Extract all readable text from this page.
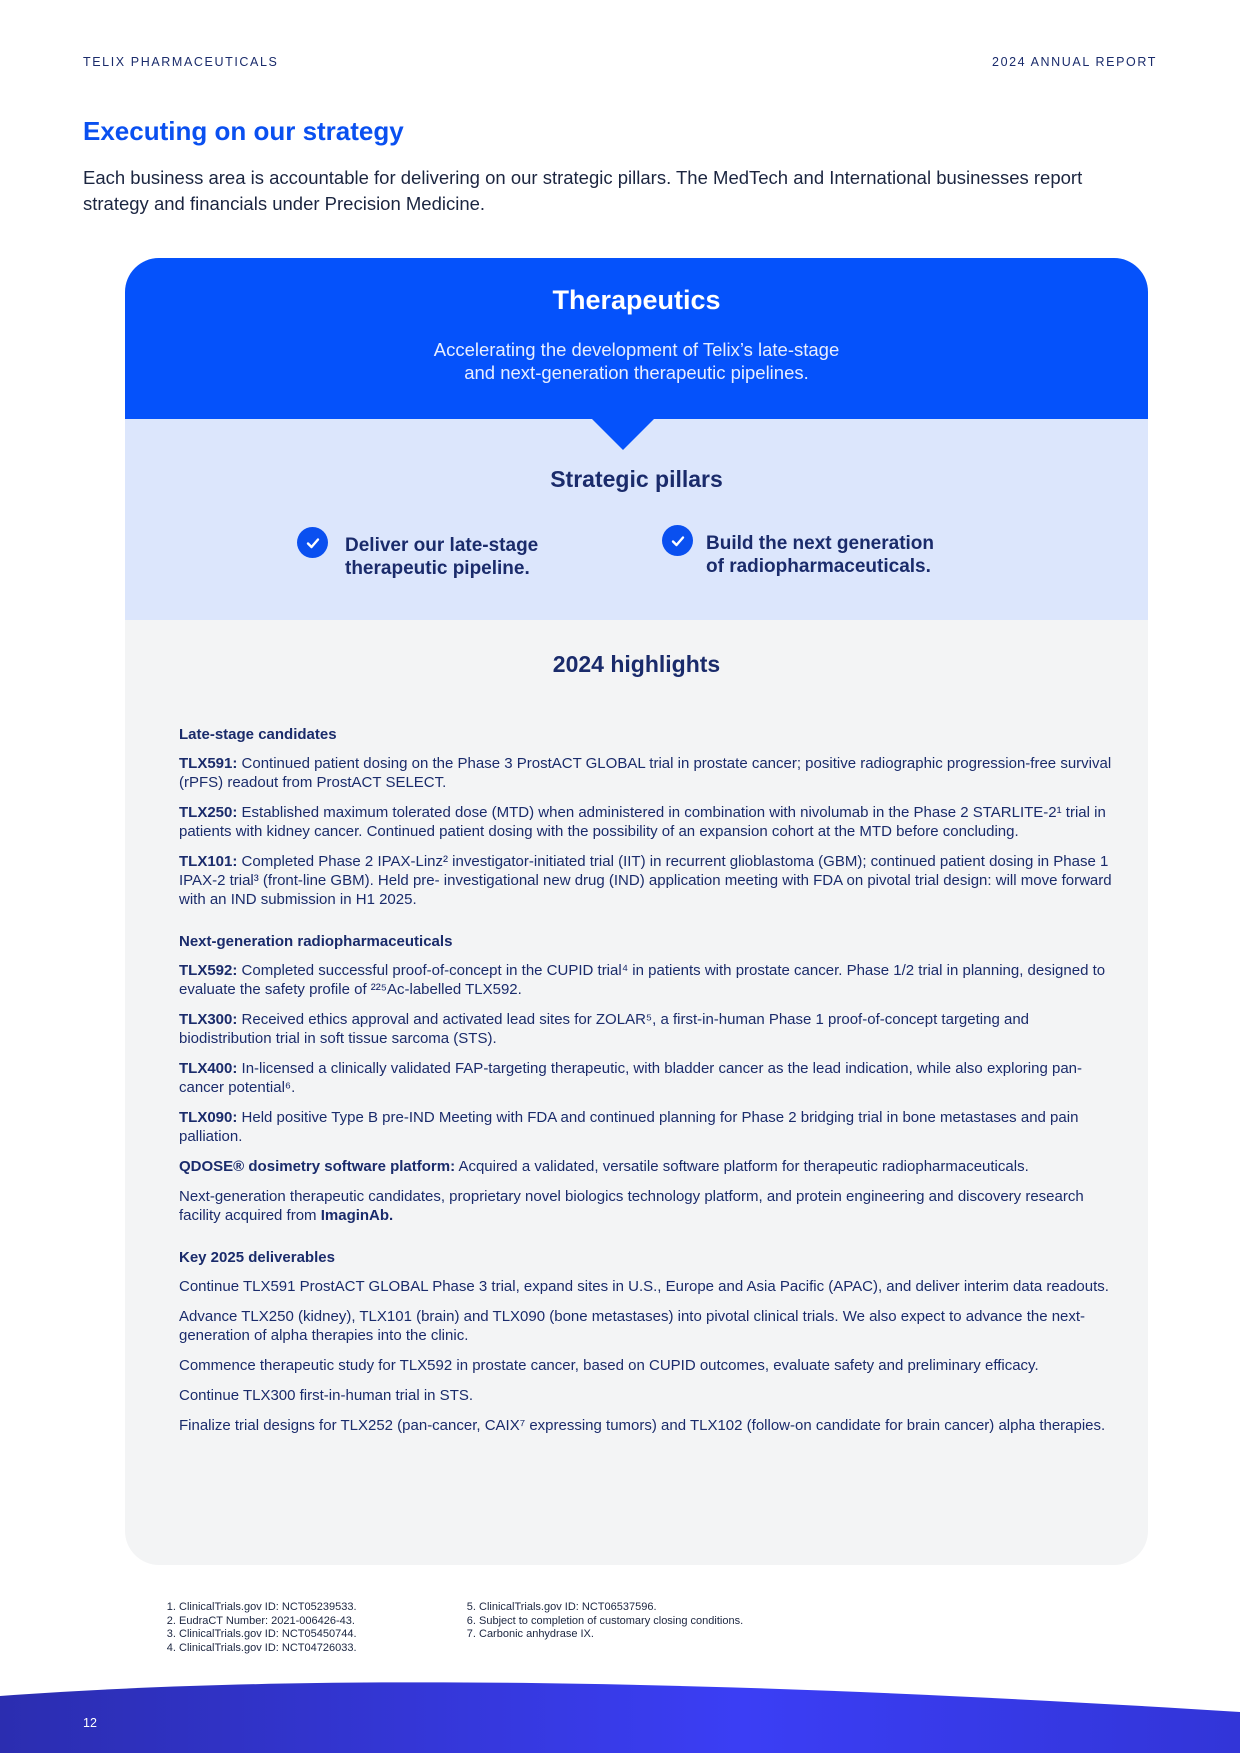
TELIX PHARMACEUTICALS	2024 ANNUAL REPORT
Executing on our strategy

Each business area is accountable for delivering on our strategic pillars. The MedTech and International businesses report strategy and financials under Precision Medicine.

Therapeutics
Accelerating the development of Telix’s late-stage
and next-generation therapeutic pipelines.
Strategic pillars
Deliver our late-stage
therapeutic pipeline.
Build the next generation
of radiopharmaceuticals.
2024 highlights
Late-stage candidates

TLX591: Continued patient dosing on the Phase 3 ProstACT GLOBAL trial in prostate cancer; positive radiographic progression-free survival (rPFS) readout from ProstACT SELECT.

TLX250: Established maximum tolerated dose (MTD) when administered in combination with nivolumab in the Phase 2 STARLITE-2¹ trial in patients with kidney cancer. Continued patient dosing with the possibility of an expansion cohort at the MTD before concluding.

TLX101: Completed Phase 2 IPAX-Linz² investigator-initiated trial (IIT) in recurrent glioblastoma (GBM); continued patient dosing in Phase 1 IPAX-2 trial³ (front-line GBM). Held pre- investigational new drug (IND) application meeting with FDA on pivotal trial design: will move forward with an IND submission in H1 2025.

Next-generation radiopharmaceuticals

TLX592: Completed successful proof-of-concept in the CUPID trial⁴ in patients with prostate cancer. Phase 1/2 trial in planning, designed to evaluate the safety profile of ²²⁵Ac-labelled TLX592.

TLX300: Received ethics approval and activated lead sites for ZOLAR⁵, a first-in-human Phase 1 proof-of-concept targeting and biodistribution trial in soft tissue sarcoma (STS).

TLX400: In-licensed a clinically validated FAP-targeting therapeutic, with bladder cancer as the lead indication, while also exploring pan-cancer potential⁶.

TLX090: Held positive Type B pre-IND Meeting with FDA and continued planning for Phase 2 bridging trial in bone metastases and pain palliation.

QDOSE® dosimetry software platform: Acquired a validated, versatile software platform for therapeutic radiopharmaceuticals.

Next-generation therapeutic candidates, proprietary novel biologics technology platform, and protein engineering and discovery research facility acquired from ImaginAb.

Key 2025 deliverables

Continue TLX591 ProstACT GLOBAL Phase 3 trial, expand sites in U.S., Europe and Asia Pacific (APAC), and deliver interim data readouts.

Advance TLX250 (kidney), TLX101 (brain) and TLX090 (bone metastases) into pivotal clinical trials. We also expect to advance the next-generation of alpha therapies into the clinic.

Commence therapeutic study for TLX592 in prostate cancer, based on CUPID outcomes, evaluate safety and preliminary efficacy.

Continue TLX300 first-in-human trial in STS.

Finalize trial designs for TLX252 (pan-cancer, CAIX⁷ expressing tumors) and TLX102 (follow-on candidate for brain cancer) alpha therapies.

1. ClinicalTrials.gov ID: NCT05239533.
2. EudraCT Number: 2021-006426-43.
3. ClinicalTrials.gov ID: NCT05450744.
4. ClinicalTrials.gov ID: NCT04726033.
5. ClinicalTrials.gov ID: NCT06537596.
6. Subject to completion of customary closing conditions.
7. Carbonic anhydrase IX.
12
